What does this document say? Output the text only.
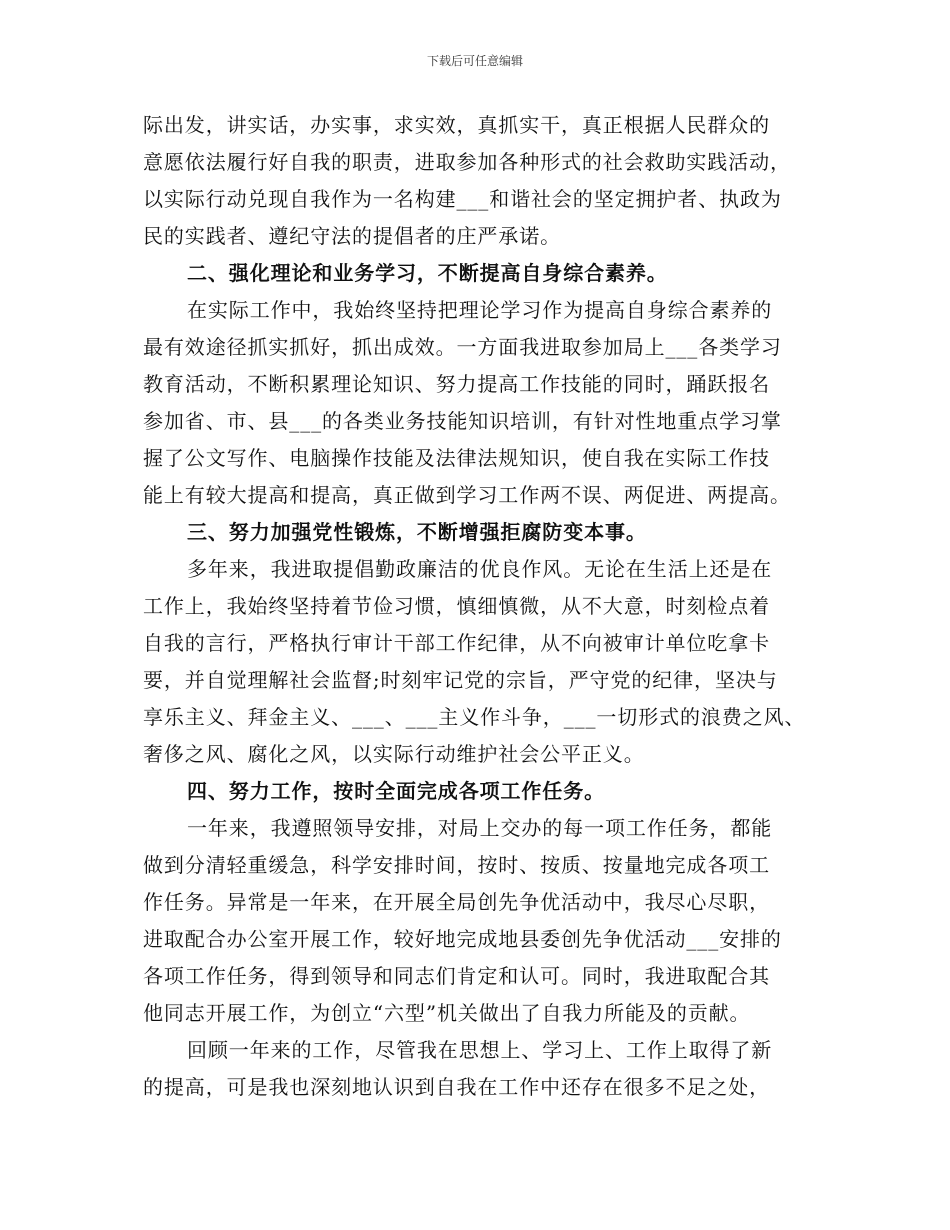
下载后可任意编辑
际出发，讲实话，办实事，求实效，真抓实干，真正根据人民群众的
意愿依法履行好自我的职责，进取参加各种形式的社会救助实践活动，
以实际行动兑现自我作为一名构建___和谐社会的坚定拥护者、执政为
民的实践者、遵纪守法的提倡者的庄严承诺。
二、强化理论和业务学习，不断提高自身综合素养。
在实际工作中，我始终坚持把理论学习作为提高自身综合素养的
最有效途径抓实抓好，抓出成效。一方面我进取参加局上___各类学习
教育活动，不断积累理论知识、努力提高工作技能的同时，踊跃报名
参加省、市、县___的各类业务技能知识培训，有针对性地重点学习掌
握了公文写作、电脑操作技能及法律法规知识，使自我在实际工作技
能上有较大提高和提高，真正做到学习工作两不误、两促进、两提高。
三、努力加强党性锻炼，不断增强拒腐防变本事。
多年来，我进取提倡勤政廉洁的优良作风。无论在生活上还是在
工作上，我始终坚持着节俭习惯，慎细慎微，从不大意，时刻检点着
自我的言行，严格执行审计干部工作纪律，从不向被审计单位吃拿卡
要，并自觉理解社会监督;时刻牢记党的宗旨，严守党的纪律，坚决与
享乐主义、拜金主义、___、___主义作斗争，___一切形式的浪费之风、
奢侈之风、腐化之风，以实际行动维护社会公平正义。
四、努力工作，按时全面完成各项工作任务。
一年来，我遵照领导安排，对局上交办的每一项工作任务，都能
做到分清轻重缓急，科学安排时间，按时、按质、按量地完成各项工
作任务。异常是一年来，在开展全局创先争优活动中，我尽心尽职，
进取配合办公室开展工作，较好地完成地县委创先争优活动___安排的
各项工作任务，得到领导和同志们肯定和认可。同时，我进取配合其
他同志开展工作，为创立“六型”机关做出了自我力所能及的贡献。
回顾一年来的工作，尽管我在思想上、学习上、工作上取得了新
的提高，可是我也深刻地认识到自我在工作中还存在很多不足之处，
